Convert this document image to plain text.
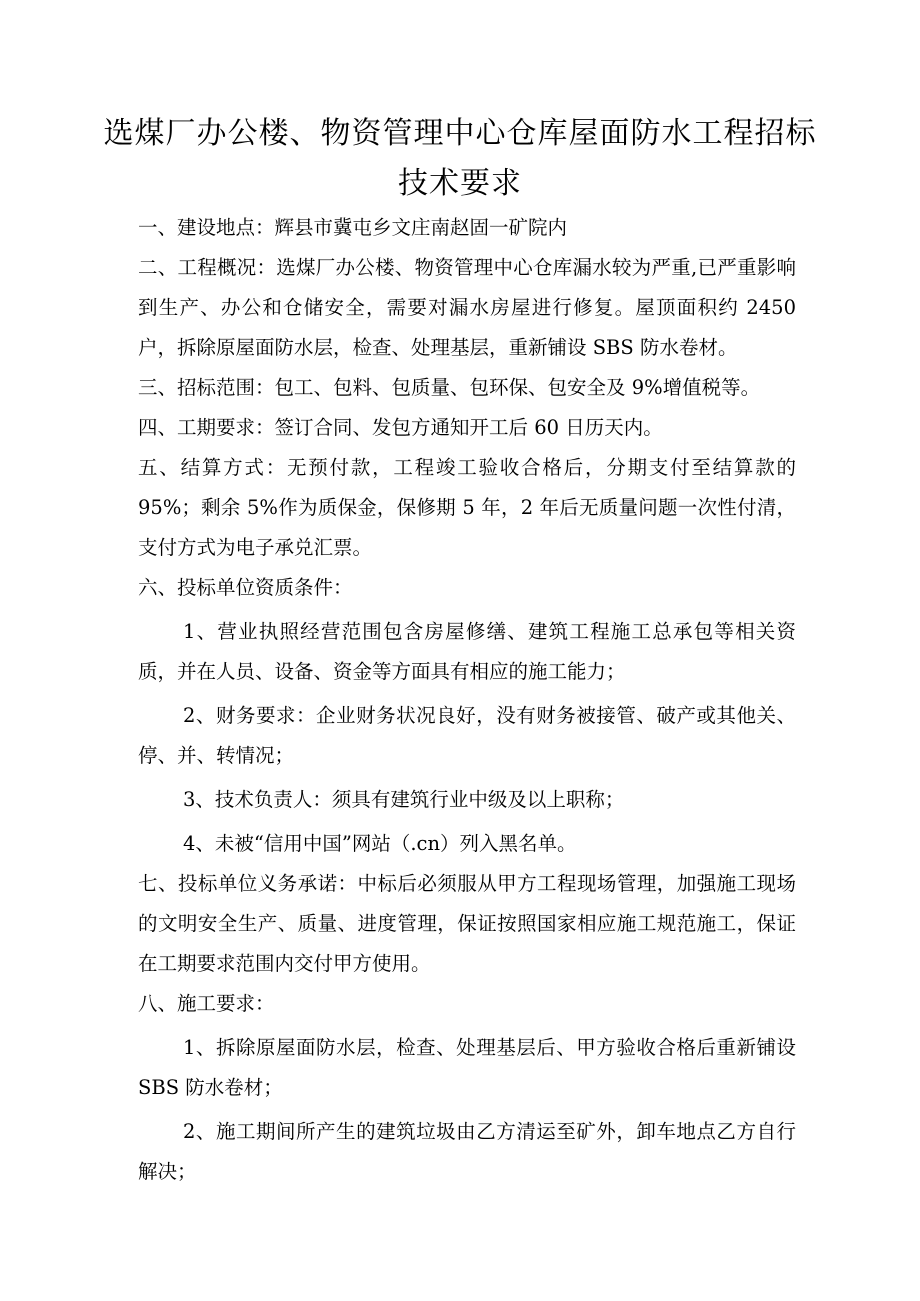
选煤厂办公楼、物资管理中心仓库屋面防水工程招标
技术要求

一、建设地点：辉县市冀屯乡文庄南赵固一矿院内

二、工程概况：选煤厂办公楼、物资管理中心仓库漏水较为严重,已严重影响到生产、办公和仓储安全，需要对漏水房屋进行修复。屋顶面积约 2450 户，拆除原屋面防水层，检查、处理基层，重新铺设 SBS 防水卷材。

三、招标范围：包工、包料、包质量、包环保、包安全及 9%增值税等。

四、工期要求：签订合同、发包方通知开工后 60 日历天内。

五、结算方式：无预付款，工程竣工验收合格后，分期支付至结算款的 95%；剩余 5%作为质保金，保修期 5 年，2 年后无质量问题一次性付清，支付方式为电子承兑汇票。

六、投标单位资质条件：

1、营业执照经营范围包含房屋修缮、建筑工程施工总承包等相关资质，并在人员、设备、资金等方面具有相应的施工能力；

2、财务要求：企业财务状况良好，没有财务被接管、破产或其他关、停、并、转情况；

3、技术负责人：须具有建筑行业中级及以上职称；

4、未被“信用中国”网站（.cn）列入黑名单。

七、投标单位义务承诺：中标后必须服从甲方工程现场管理，加强施工现场的文明安全生产、质量、进度管理，保证按照国家相应施工规范施工，保证在工期要求范围内交付甲方使用。

八、施工要求：

1、拆除原屋面防水层，检查、处理基层后、甲方验收合格后重新铺设 SBS 防水卷材；

2、施工期间所产生的建筑垃圾由乙方清运至矿外，卸车地点乙方自行解决；
